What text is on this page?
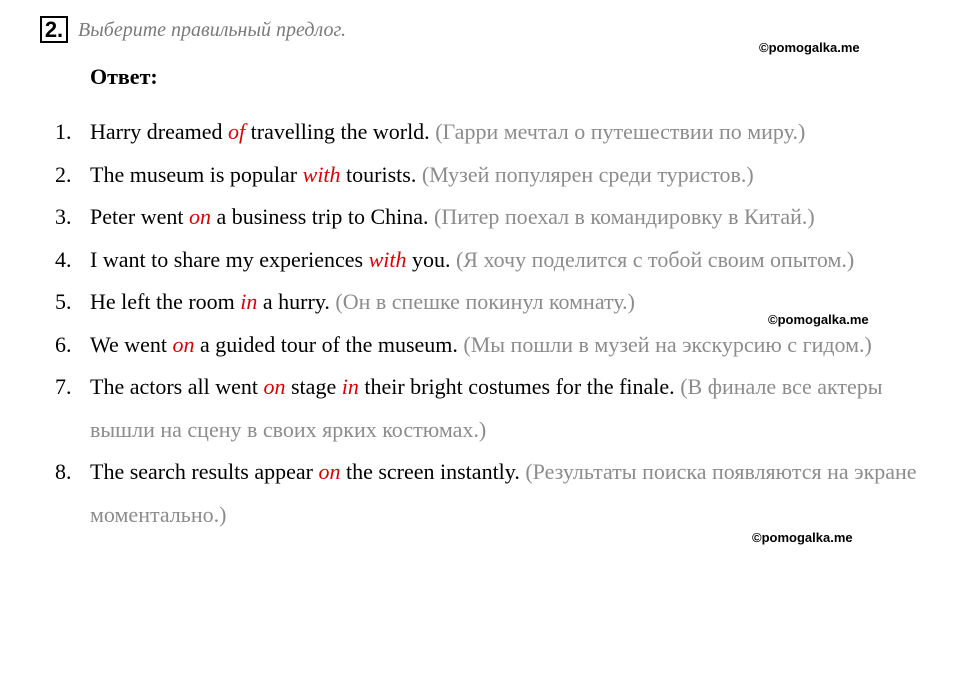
2. Выберите правильный предлог.
©pomogalka.me
©pomogalka.me
©pomogalka.me
Ответ:
1. Harry dreamed of travelling the world. (Гарри мечтал о путешествии по миру.)
2. The museum is popular with tourists. (Музей популярен среди туристов.)
3. Peter went on a business trip to China. (Питер поехал в командировку в Китай.)
4. I want to share my experiences with you. (Я хочу поделится с тобой своим опытом.)
5. He left the room in a hurry. (Он в спешке покинул комнату.)
6. We went on a guided tour of the museum. (Мы пошли в музей на экскурсию с гидом.)
7. The actors all went on stage in their bright costumes for the finale. (В финале все актеры вышли на сцену в своих ярких костюмах.)
8. The search results appear on the screen instantly. (Результаты поиска появляются на экране моментально.)
